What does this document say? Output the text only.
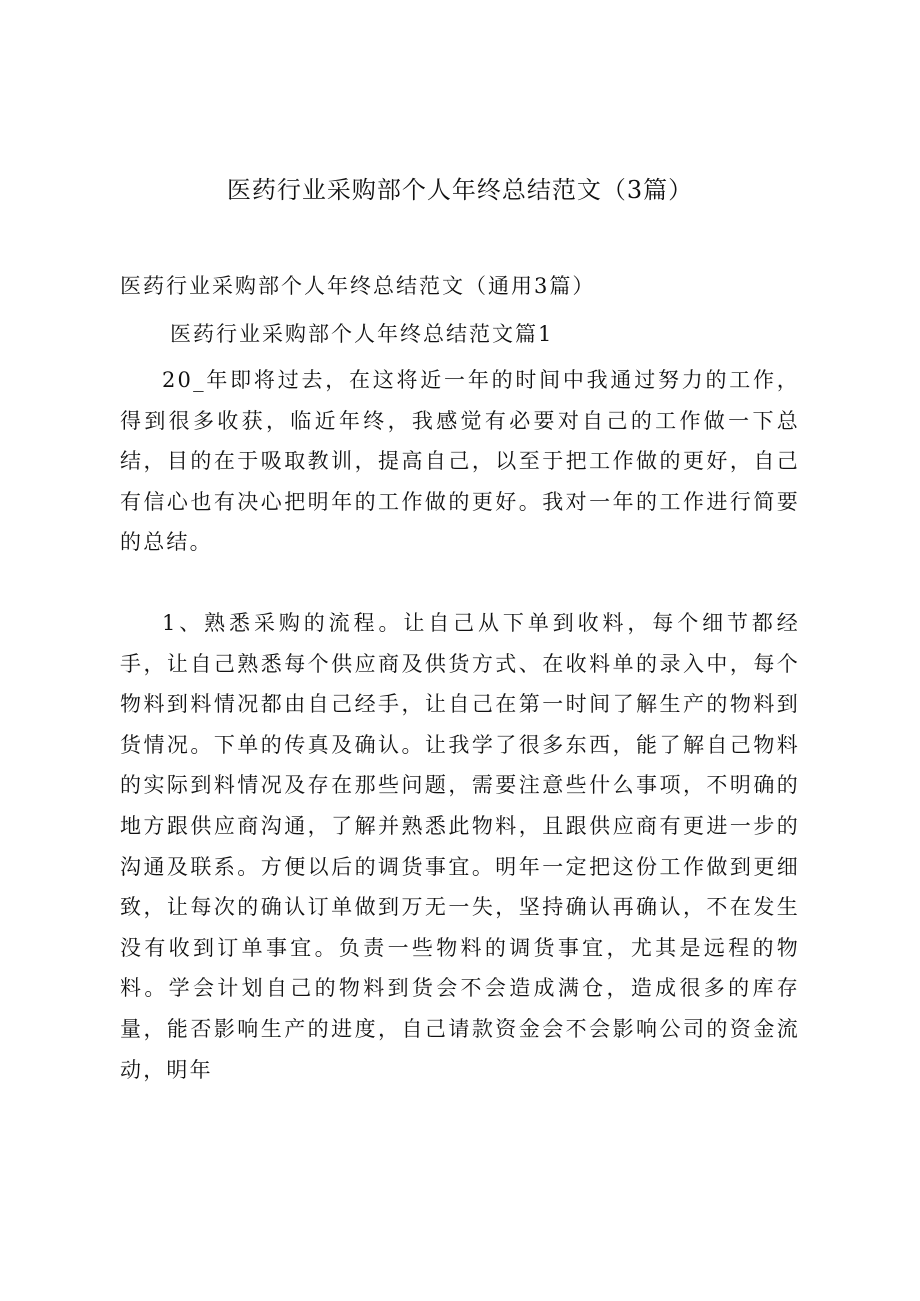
医药行业采购部个人年终总结范文（3篇）
医药行业采购部个人年终总结范文（通用3篇）
医药行业采购部个人年终总结范文篇1

20_年即将过去，在这将近一年的时间中我通过努力的工作，得到很多收获，临近年终，我感觉有必要对自己的工作做一下总结，目的在于吸取教训，提高自己，以至于把工作做的更好，自己有信心也有决心把明年的工作做的更好。我对一年的工作进行简要的总结。

1、熟悉采购的流程。让自己从下单到收料，每个细节都经手，让自己熟悉每个供应商及供货方式、在收料单的录入中，每个物料到料情况都由自己经手，让自己在第一时间了解生产的物料到货情况。下单的传真及确认。让我学了很多东西，能了解自己物料的实际到料情况及存在那些问题，需要注意些什么事项，不明确的地方跟供应商沟通，了解并熟悉此物料，且跟供应商有更进一步的沟通及联系。方便以后的调货事宜。明年一定把这份工作做到更细致，让每次的确认订单做到万无一失，坚持确认再确认，不在发生没有收到订单事宜。负责一些物料的调货事宜，尤其是远程的物料。学会计划自己的物料到货会不会造成满仓，造成很多的库存量，能否影响生产的进度，自己请款资金会不会影响公司的资金流动，明年
